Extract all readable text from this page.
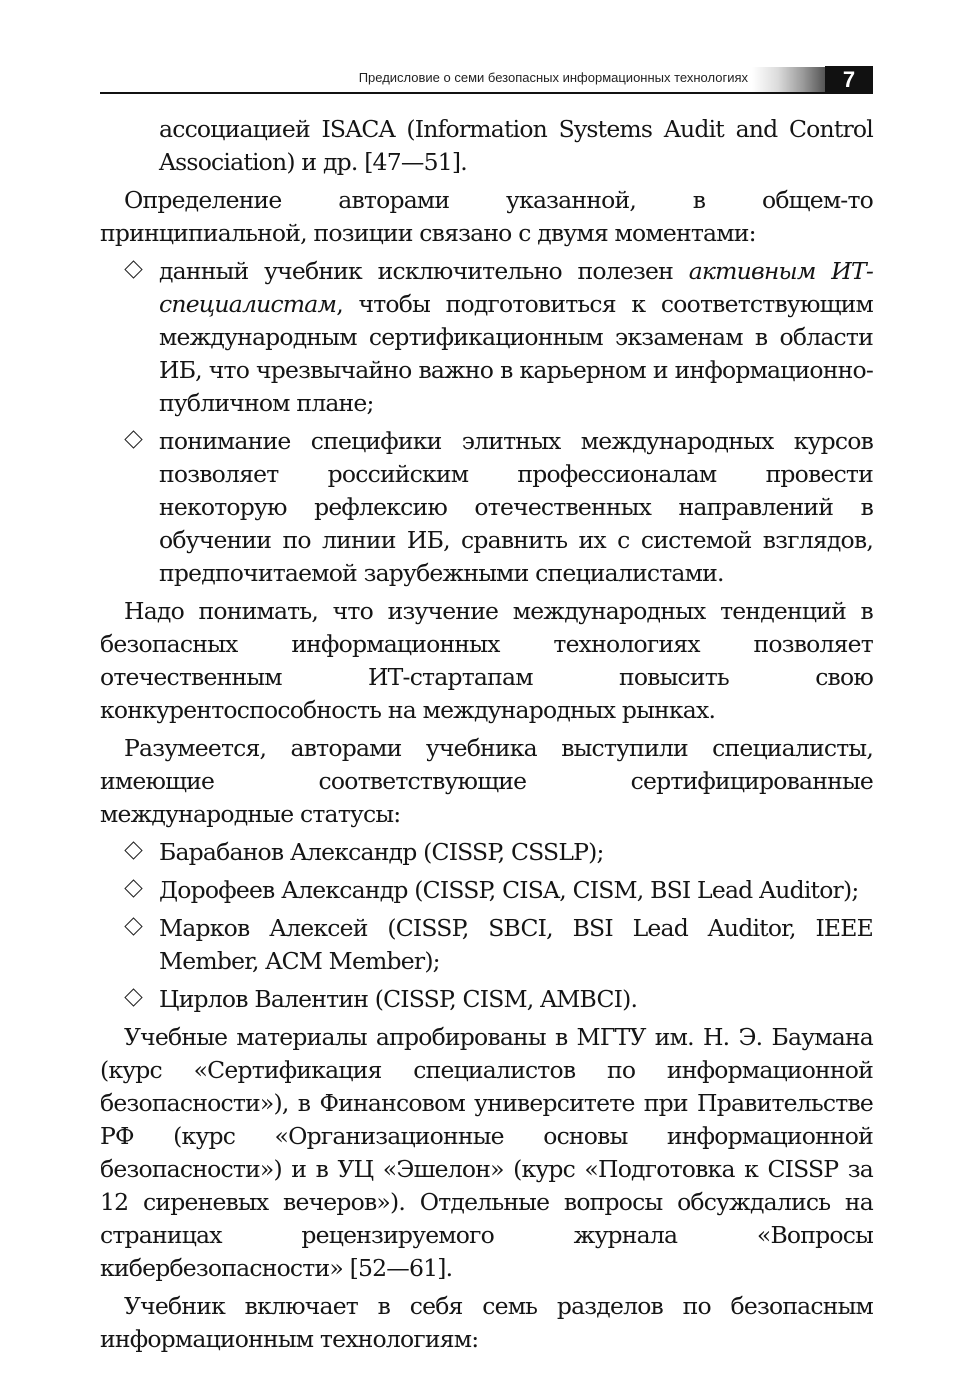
Предисловие о семи безопасных информационных технологиях	7

ассоциацией ISACA (Information Systems Audit and Control Association) и др. [47—51].

Определение авторами указанной, в общем-то принципиальной, позиции связано с двумя моментами:

данный учебник исключительно полезен активным ИТ-специалистам, чтобы подготовиться к соответствующим международным сертификационным экзаменам в области ИБ, что чрезвычайно важно в карьерном и информационно-публичном плане;
понимание специфики элитных международных курсов позволяет российским профессионалам провести некоторую рефлексию отечественных направлений в обучении по линии ИБ, сравнить их с системой взглядов, предпочитаемой зарубежными специалистами.

Надо понимать, что изучение международных тенденций в безопасных информационных технологиях позволяет отечественным ИТ-стартапам повысить свою конкурентоспособность на международных рынках.

Разумеется, авторами учебника выступили специалисты, имеющие соответствующие сертифицированные международные статусы:

Барабанов Александр (CISSP, CSSLP);
Дорофеев Александр (CISSP, CISA, CISM, BSI Lead Auditor);
Марков Алексей (CISSP, SBCI, BSI Lead Auditor, IEEE Member, ACM Member);
Цирлов Валентин (CISSP, CISM, AMBCI).

Учебные материалы апробированы в МГТУ им. Н. Э. Баумана (курс «Сертификация специалистов по информационной безопасности»), в Финансовом университете при Правительстве РФ (курс «Организационные основы информационной безопасности») и в УЦ «Эшелон» (курс «Подготовка к CISSP за 12 сиреневых вечеров»). Отдельные вопросы обсуждались на страницах рецензируемого журнала «Вопросы кибербезопасности» [52—61].

Учебник включает в себя семь разделов по безопасным информационным технологиям:
